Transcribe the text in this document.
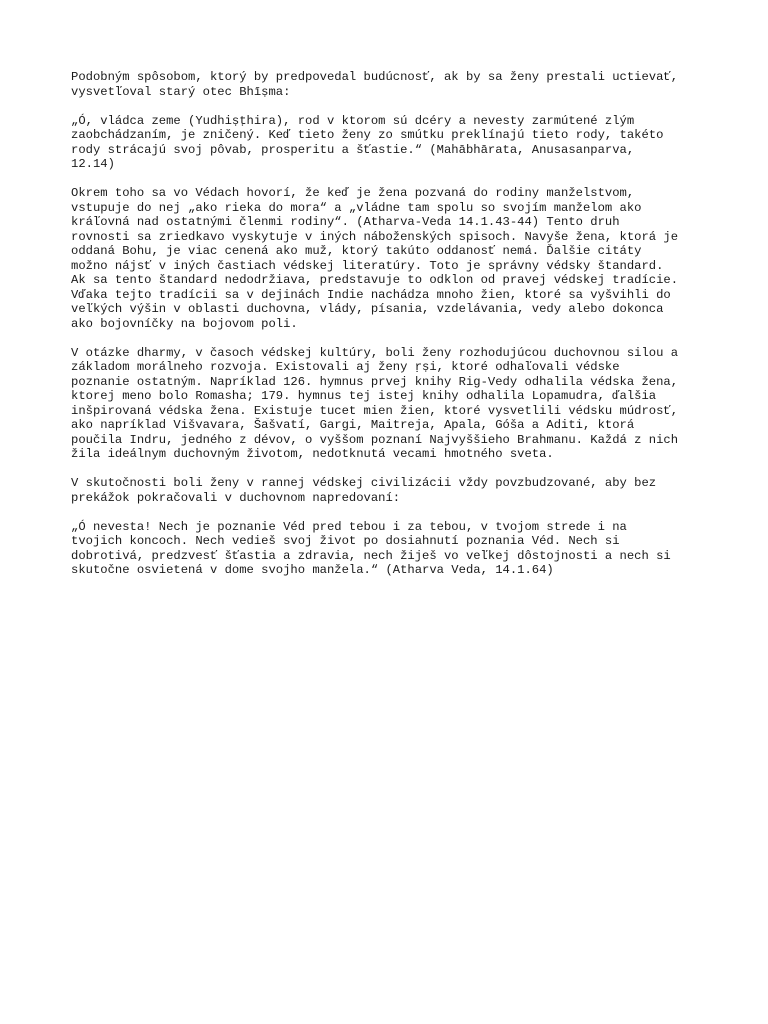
Podobným spôsobom, ktorý by predpovedal budúcnosť, ak by sa ženy prestali uctievať,
vysvetľoval starý otec Bhīṣma:

„Ó, vládca zeme (Yudhiṣṭhira), rod v ktorom sú dcéry a nevesty zarmútené zlým
zaobchádzaním, je zničený. Keď tieto ženy zo smútku preklínajú tieto rody, takéto
rody strácajú svoj pôvab, prosperitu a šťastie.“ (Mahābhārata, Anusasanparva,
12.14)

Okrem toho sa vo Védach hovorí, že keď je žena pozvaná do rodiny manželstvom,
vstupuje do nej „ako rieka do mora“ a „vládne tam spolu so svojím manželom ako
kráľovná nad ostatnými členmi rodiny“. (Atharva-Veda 14.1.43-44) Tento druh
rovnosti sa zriedkavo vyskytuje v iných náboženských spisoch. Navyše žena, ktorá je
oddaná Bohu, je viac cenená ako muž, ktorý takúto oddanosť nemá. Ďalšie citáty
možno nájsť v iných častiach védskej literatúry. Toto je správny védsky štandard.
Ak sa tento štandard nedodržiava, predstavuje to odklon od pravej védskej tradície.
Vďaka tejto tradícii sa v dejinách Indie nachádza mnoho žien, ktoré sa vyšvihli do
veľkých výšin v oblasti duchovna, vlády, písania, vzdelávania, vedy alebo dokonca
ako bojovníčky na bojovom poli.

V otázke dharmy, v časoch védskej kultúry, boli ženy rozhodujúcou duchovnou silou a
základom morálneho rozvoja. Existovali aj ženy ṛṣi, ktoré odhaľovali védske
poznanie ostatným. Napríklad 126. hymnus prvej knihy Rig-Vedy odhalila védska žena,
ktorej meno bolo Romasha; 179. hymnus tej istej knihy odhalila Lopamudra, ďalšia
inšpirovaná védska žena. Existuje tucet mien žien, ktoré vysvetlili védsku múdrosť,
ako napríklad Višvavara, Šašvatí, Gargi, Maitreja, Apala, Góša a Aditi, ktorá
poučila Indru, jedného z dévov, o vyššom poznaní Najvyššieho Brahmanu. Každá z nich
žila ideálnym duchovným životom, nedotknutá vecami hmotného sveta.

V skutočnosti boli ženy v rannej védskej civilizácii vždy povzbudzované, aby bez
prekážok pokračovali v duchovnom napredovaní:

„Ó nevesta! Nech je poznanie Véd pred tebou i za tebou, v tvojom strede i na
tvojich koncoch. Nech vedieš svoj život po dosiahnutí poznania Véd. Nech si
dobrotivá, predzvesť šťastia a zdravia, nech žiješ vo veľkej dôstojnosti a nech si
skutočne osvietená v dome svojho manžela.“ (Atharva Veda, 14.1.64)
